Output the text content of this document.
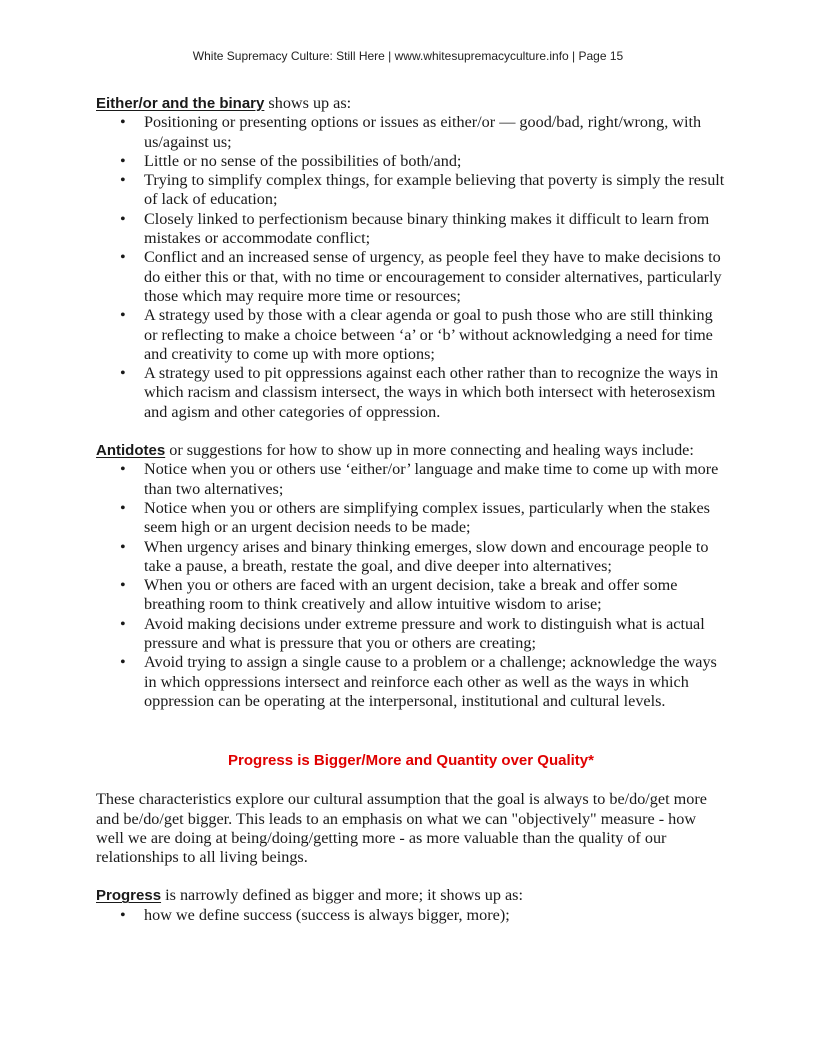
White Supremacy Culture: Still Here | www.whitesupremacyculture.info | Page 15

Either/or and the binary shows up as:

• Positioning or presenting options or issues as either/or — good/bad, right/wrong, with us/against us;
• Little or no sense of the possibilities of both/and;
• Trying to simplify complex things, for example believing that poverty is simply the result of lack of education;
• Closely linked to perfectionism because binary thinking makes it difficult to learn from mistakes or accommodate conflict;
• Conflict and an increased sense of urgency, as people feel they have to make decisions to do either this or that, with no time or encouragement to consider alternatives, particularly those which may require more time or resources;
• A strategy used by those with a clear agenda or goal to push those who are still thinking or reflecting to make a choice between ‘a’ or ‘b’ without acknowledging a need for time and creativity to come up with more options;
• A strategy used to pit oppressions against each other rather than to recognize the ways in which racism and classism intersect, the ways in which both intersect with heterosexism and agism and other categories of oppression.

Antidotes or suggestions for how to show up in more connecting and healing ways include:

• Notice when you or others use ‘either/or’ language and make time to come up with more than two alternatives;
• Notice when you or others are simplifying complex issues, particularly when the stakes seem high or an urgent decision needs to be made;
• When urgency arises and binary thinking emerges, slow down and encourage people to take a pause, a breath, restate the goal, and dive deeper into alternatives;
• When you or others are faced with an urgent decision, take a break and offer some breathing room to think creatively and allow intuitive wisdom to arise;
• Avoid making decisions under extreme pressure and work to distinguish what is actual pressure and what is pressure that you or others are creating;
• Avoid trying to assign a single cause to a problem or a challenge; acknowledge the ways in which oppressions intersect and reinforce each other as well as the ways in which oppression can be operating at the interpersonal, institutional and cultural levels.

Progress is Bigger/More and Quantity over Quality*

These characteristics explore our cultural assumption that the goal is always to be/do/get more and be/do/get bigger. This leads to an emphasis on what we can "objectively" measure - how well we are doing at being/doing/getting more - as more valuable than the quality of our relationships to all living beings.

Progress is narrowly defined as bigger and more; it shows up as:

• how we define success (success is always bigger, more);
